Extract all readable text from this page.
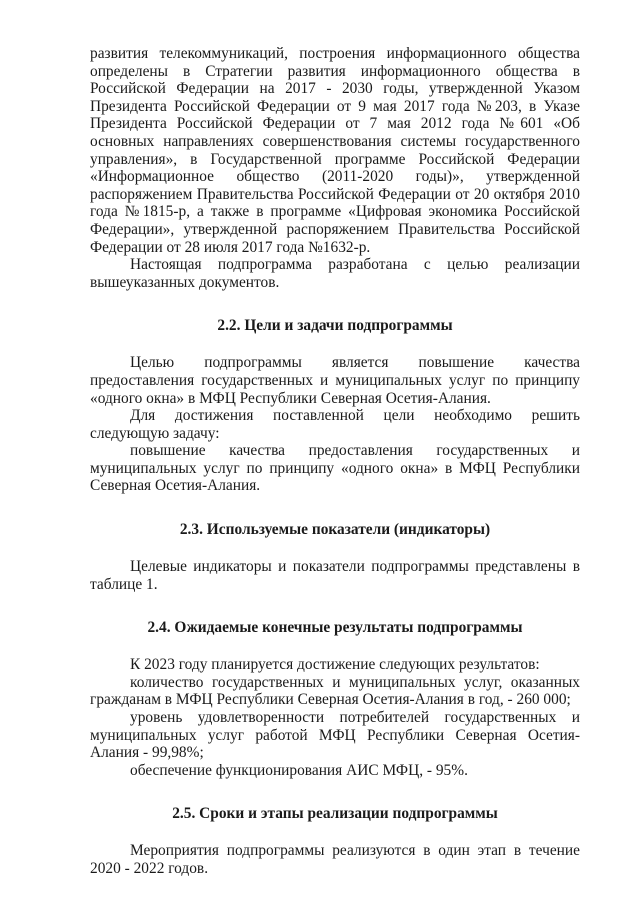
развития телекоммуникаций, построения информационного общества определены в Стратегии развития информационного общества в Российской Федерации на 2017 - 2030 годы, утвержденной Указом Президента Российской Федерации от 9 мая 2017 года №203, в Указе Президента Российской Федерации от 7 мая 2012 года №601 «Об основных направлениях совершенствования системы государственного управления», в Государственной программе Российской Федерации «Информационное общество (2011-2020 годы)», утвержденной распоряжением Правительства Российской Федерации от 20 октября 2010 года №1815-р, а также в программе «Цифровая экономика Российской Федерации», утвержденной распоряжением Правительства Российской Федерации от 28 июля 2017 года №1632-р.

Настоящая подпрограмма разработана с целью реализации вышеуказанных документов.

2.2. Цели и задачи подпрограммы

Целью подпрограммы является повышение качества предоставления государственных и муниципальных услуг по принципу «одного окна» в МФЦ Республики Северная Осетия-Алания.

Для достижения поставленной цели необходимо решить следующую задачу:

повышение качества предоставления государственных и муниципальных услуг по принципу «одного окна» в МФЦ Республики Северная Осетия-Алания.

2.3. Используемые показатели (индикаторы)

Целевые индикаторы и показатели подпрограммы представлены в таблице 1.

2.4. Ожидаемые конечные результаты подпрограммы

К 2023 году планируется достижение следующих результатов:

количество государственных и муниципальных услуг, оказанных гражданам в МФЦ Республики Северная Осетия-Алания в год, - 260 000;

уровень удовлетворенности потребителей государственных и муниципальных услуг работой МФЦ Республики Северная Осетия-Алания - 99,98%;

обеспечение функционирования АИС МФЦ, - 95%.

2.5. Сроки и этапы реализации подпрограммы

Мероприятия подпрограммы реализуются в один этап в течение 2020 - 2022 годов.
